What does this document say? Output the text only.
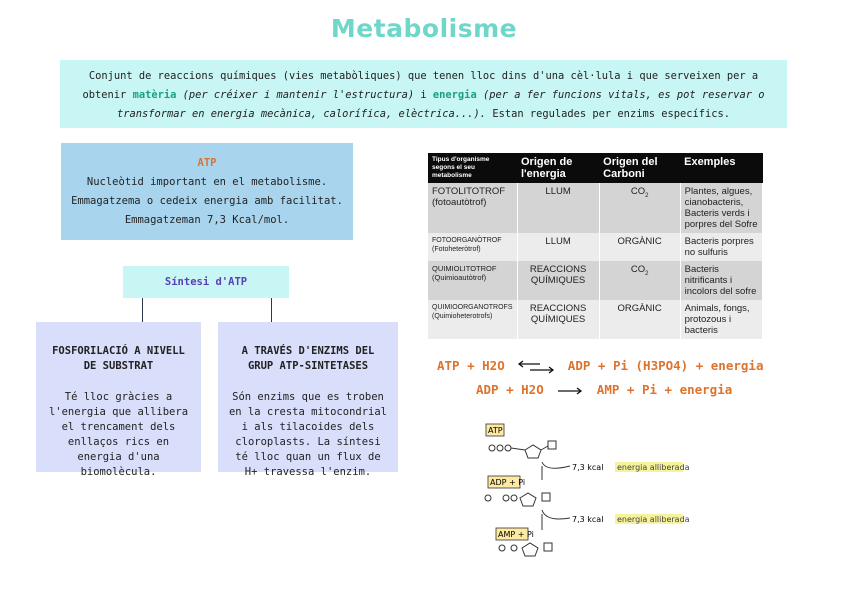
Metabolisme
Conjunt de reaccions químiques (vies metabòliques) que tenen lloc dins d'una cèl·lula i que serveixen per a obtenir matèria (per créixer i mantenir l'estructura) i energia (per a fer funcions vitals, es pot reservar o transformar en energia mecànica, calorífica, elèctrica...). Estan regulades per enzims específics.
ATP
Nucleòtid important en el metabolisme.
Emmagatzema o cedeix energia amb facilitat.
Emmagatzeman 7,3 Kcal/mol.
Síntesi d'ATP
FOSFORILACIÓ A NIVELL DE SUBSTRAT
Té lloc gràcies a l'energia que allibera el trencament dels enllaços rics en energia d'una biomolècula.
A TRAVÉS D'ENZIMS DEL GRUP ATP-SINTETASES
Són enzims que es troben en la cresta mitocondrial i als tilacoides dels cloroplasts. La síntesi té lloc quan un flux de H+ travessa l'enzim.
Tipus d'organisme segons el seu metabolisme	Origen de l'energia	Origen del Carboni	Exemples

FOTOLITOTROF
(fotoautòtrof)	LLUM	$CO_2$	Plantes, algues, cianobacteris, Bacteris verds i porpres del Sofre

FOTOORGANÒTROF
(Fotoheteròtrof)	LLUM	ORGÀNIC	Bacteris porpres no sulfuris

QUIMIOLITOTROF
(Quimioautòtrof)	REACCIONS QUÍMIQUES	$CO_2$	Bacteris nitrificants i incolors del sofre

QUIMIOORGANOTROFS
(Quimioheterotrofs)	REACCIONS QUÍMIQUES	ORGÀNIC	Animals, fongs, protozous i bacteris
ATP + H2O ⇌ ADP + Pi (H3PO4) + energia
ADP + H2O	AMP + Pi + energia
ATP
7,3 kcal energia alliberada
ADP + Pi
7,3 kcal energia alliberada
AMP + Pi
